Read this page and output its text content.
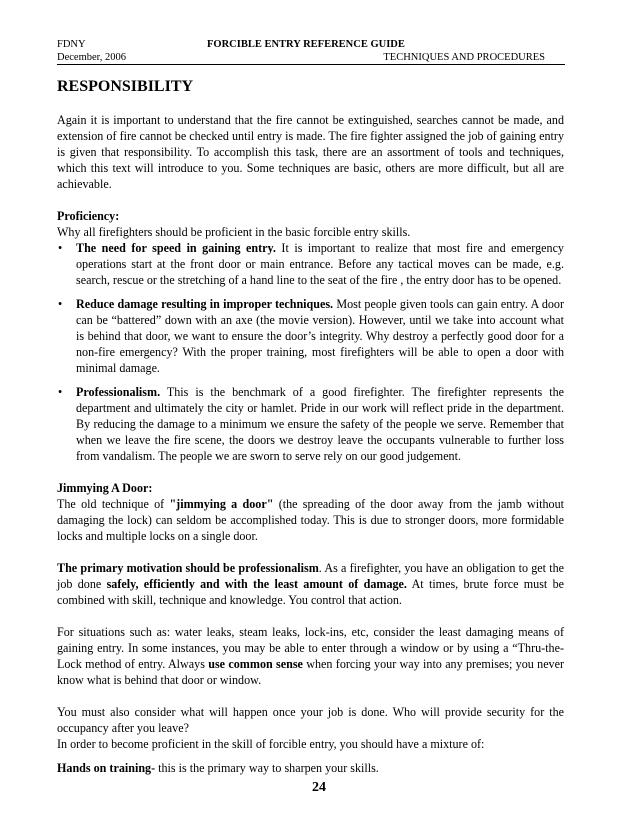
FDNY	FORCIBLE ENTRY REFERENCE GUIDE
December, 2006	TECHNIQUES AND PROCEDURES
RESPONSIBILITY

Again it is important to understand that the fire cannot be extinguished, searches cannot be made, and extension of fire cannot be checked until entry is made. The fire fighter assigned the job of gaining entry is given that responsibility. To accomplish this task, there are an assortment of tools and techniques, which this text will introduce to you. Some techniques are basic, others are more difficult, but all are achievable.

Proficiency:

Why all firefighters should be proficient in the basic forcible entry skills.

• The need for speed in gaining entry. It is important to realize that most fire and emergency operations start at the front door or main entrance. Before any tactical moves can be made, e.g. search, rescue or the stretching of a hand line to the seat of the fire , the entry door has to be opened.
• Reduce damage resulting in improper techniques. Most people given tools can gain entry. A door can be “battered” down with an axe (the movie version). However, until we take into account what is behind that door, we want to ensure the door’s integrity. Why destroy a perfectly good door for a non-fire emergency? With the proper training, most firefighters will be able to open a door with minimal damage.
• Professionalism. This is the benchmark of a good firefighter. The firefighter represents the department and ultimately the city or hamlet. Pride in our work will reflect pride in the department. By reducing the damage to a minimum we ensure the safety of the people we serve. Remember that when we leave the fire scene, the doors we destroy leave the occupants vulnerable to further loss from vandalism. The people we are sworn to serve rely on our good judgement.

Jimmying A Door:

The old technique of "jimmying a door" (the spreading of the door away from the jamb without damaging the lock) can seldom be accomplished today. This is due to stronger doors, more formidable locks and multiple locks on a single door.

The primary motivation should be professionalism. As a firefighter, you have an obligation to get the job done safely, efficiently and with the least amount of damage. At times, brute force must be combined with skill, technique and knowledge. You control that action.

For situations such as: water leaks, steam leaks, lock-ins, etc, consider the least damaging means of gaining entry. In some instances, you may be able to enter through a window or by using a “Thru-the-Lock method of entry. Always use common sense when forcing your way into any premises; you never know what is behind that door or window.

You must also consider what will happen once your job is done. Who will provide security for the occupancy after you leave?

In order to become proficient in the skill of forcible entry, you should have a mixture of:

Hands on training- this is the primary way to sharpen your skills.

24
